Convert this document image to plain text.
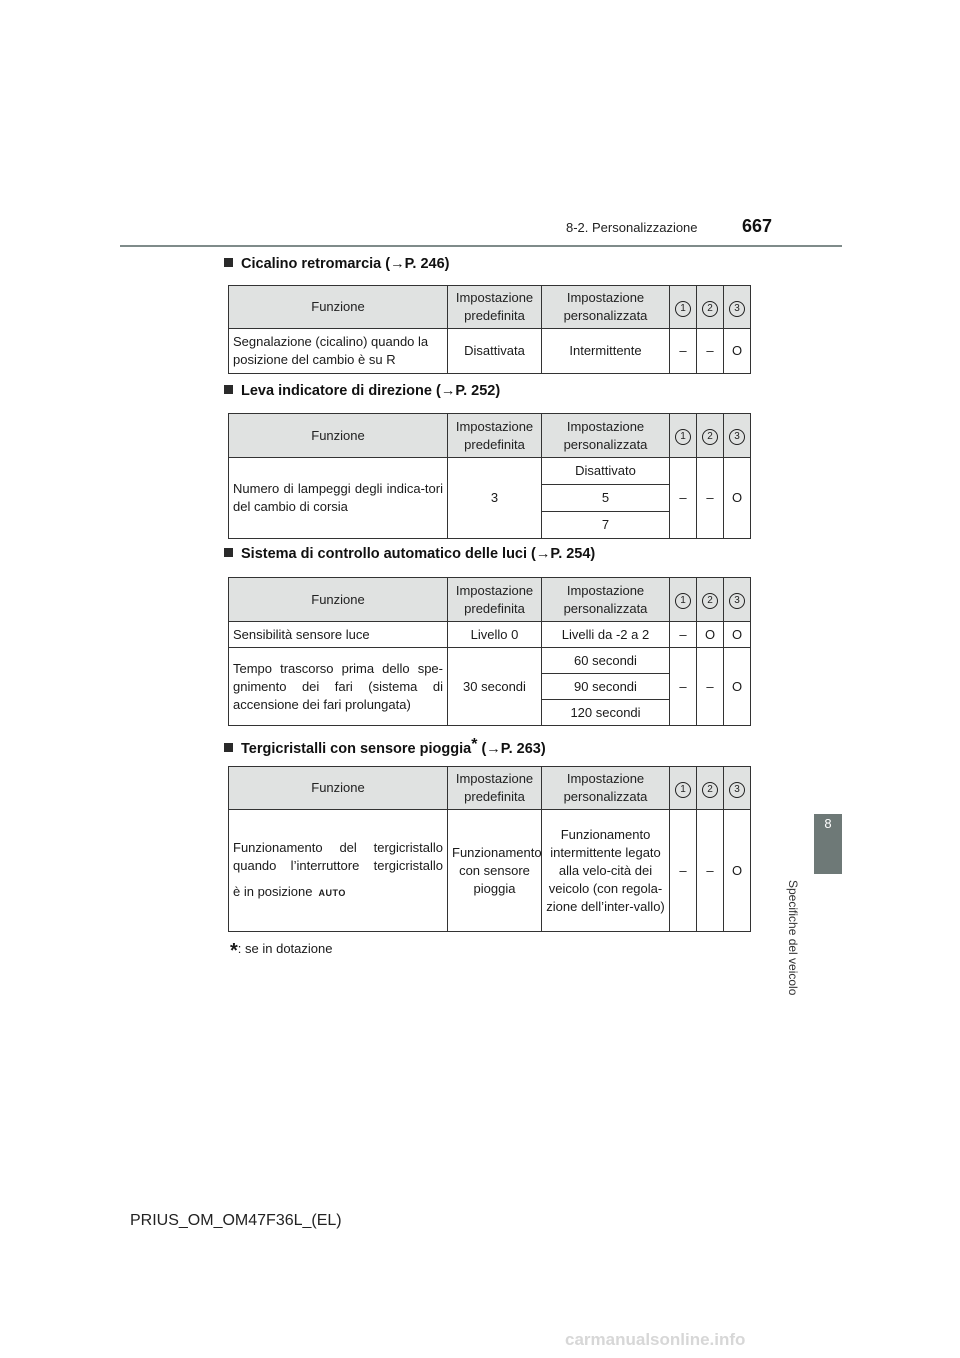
8-2. Personalizzazione 667
8
Specifiche del veicolo
Cicalino retromarcia (→P. 246)
Funzione	Impostazione predefinita	Impostazione personalizzata	1	2	3
Segnalazione (cicalino) quando la posizione del cambio è su R	Disattivata	Intermittente	–	–	O
Leva indicatore di direzione (→P. 252)
Funzione	Impostazione predefinita	Impostazione personalizzata	1	2	3
Numero di lampeggi degli indica-tori del cambio di corsia	3	Disattivato	–	–	O
		5			
		7			
Sistema di controllo automatico delle luci (→P. 254)
Funzione	Impostazione predefinita	Impostazione personalizzata	1	2	3
Sensibilità sensore luce	Livello 0	Livelli da -2 a 2	–	O	O
Tempo trascorso prima dello spe-gnimento dei fari (sistema di accensione dei fari prolungata)	30 secondi	60 secondi	–	–	O
		90 secondi			
		120 secondi			
Tergicristalli con sensore pioggia* (→P. 263)
Funzione	Impostazione predefinita	Impostazione personalizzata	1	2	3

Funzionamento del tergicristallo quando l’interruttore tergicristallo
è in posizione AUTO	Funzionamento con sensore pioggia	Funzionamento intermittente legato alla velo-cità dei veicolo (con regola-zione dell’inter-vallo)	–	–	O
*: se in dotazione
PRIUS_OM_OM47F36L_(EL)
carmanualsonline.info
